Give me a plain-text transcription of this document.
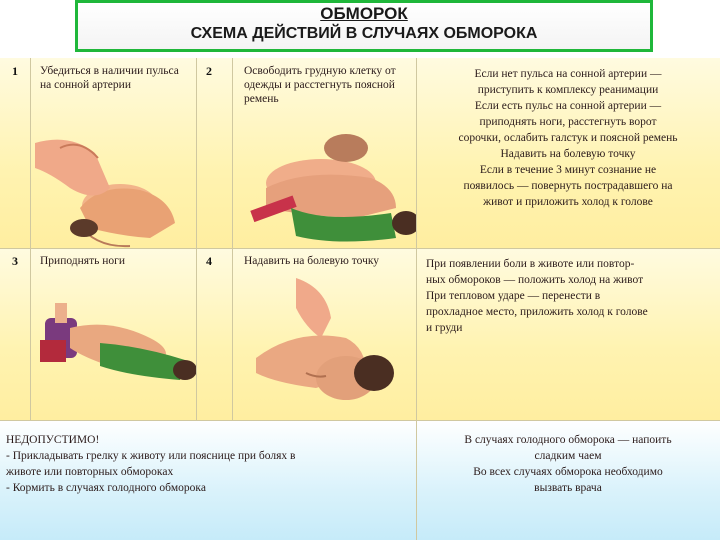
ОБМОРОК
СХЕМА ДЕЙСТВИЙ В СЛУЧАЯХ ОБМОРОКА
1	Убедиться в наличии пульса на сонной артерии
2	Освободить грудную клетку от одежды и расстегнуть поясной ремень
Если нет пульса на сонной артерии —
приступить к комплексу реанимации
Если есть пульс на сонной артерии —
приподнять ноги, расстегнуть ворот
сорочки, ослабить галстук и поясной ремень
Надавить на болевую точку
Если в течение 3 минут сознание не
появилось — повернуть пострадавшего на
живот и приложить холод к голове
3	Приподнять ноги	4	Надавить на болевую точку	При появлении боли в животе или повтор-
ных обмороков — положить холод на живот
При тепловом ударе — перенести в
прохладное место, приложить холод к голове
и груди
НЕДОПУСТИМО!
- Прикладывать грелку к животу или пояснице при болях в
животе или повторных обмороках
- Кормить в случаях голодного обморока
В случаях голодного обморока — напоить
сладким чаем
Во всех случаях обморока необходимо
вызвать врача
